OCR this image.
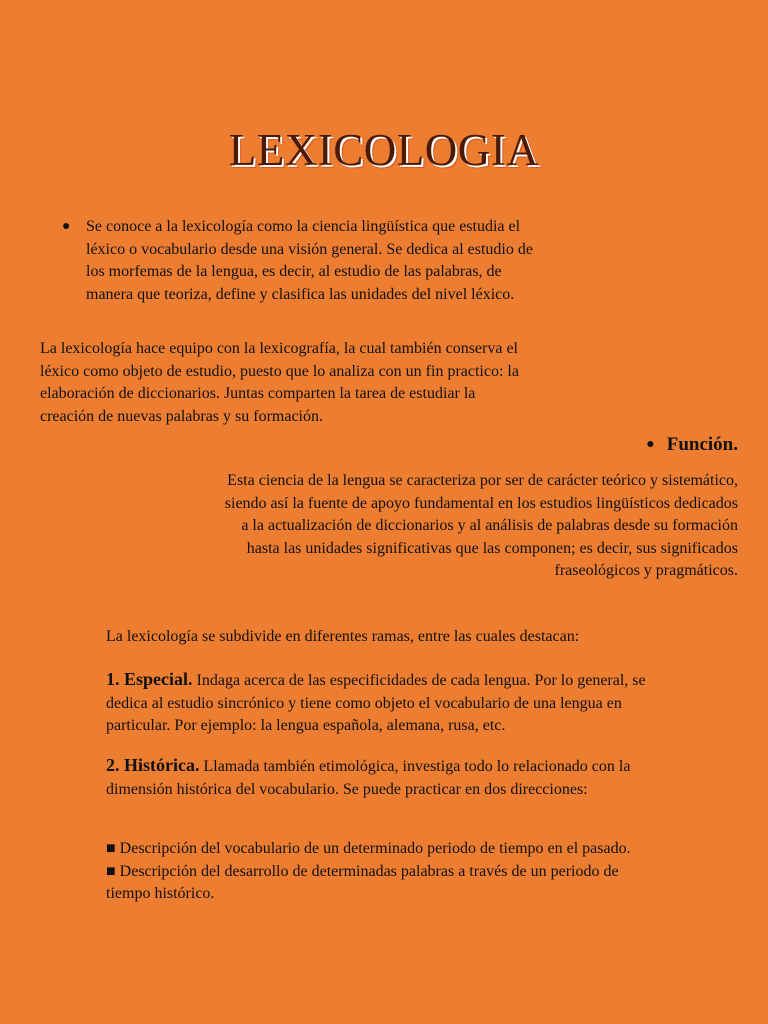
LEXICOLOGIA
● Se conoce a la lexicología como la ciencia lingüística que estudia el léxico o vocabulario desde una visión general. Se dedica al estudio de los morfemas de la lengua, es decir, al estudio de las palabras, de manera que teoriza, define y clasifica las unidades del nivel léxico.
La lexicología hace equipo con la lexicografía, la cual también conserva el léxico como objeto de estudio, puesto que lo analiza con un fin practico: la elaboración de diccionarios. Juntas comparten la tarea de estudiar la creación de nuevas palabras y su formación.
● Función.
Esta ciencia de la lengua se caracteriza por ser de carácter teórico y sistemático, siendo así la fuente de apoyo fundamental en los estudios lingüísticos dedicados a la actualización de diccionarios y al análisis de palabras desde su formación hasta las unidades significativas que las componen; es decir, sus significados fraseológicos y pragmáticos.
La lexicología se subdivide en diferentes ramas, entre las cuales destacan:

1. Especial. Indaga acerca de las especificidades de cada lengua. Por lo general, se dedica al estudio sincrónico y tiene como objeto el vocabulario de una lengua en particular. Por ejemplo: la lengua española, alemana, rusa, etc.

2. Histórica. Llamada también etimológica, investiga todo lo relacionado con la dimensión histórica del vocabulario. Se puede practicar en dos direcciones:

■ Descripción del vocabulario de un determinado periodo de tiempo en el pasado.

■ Descripción del desarrollo de determinadas palabras a través de un periodo de tiempo histórico.
